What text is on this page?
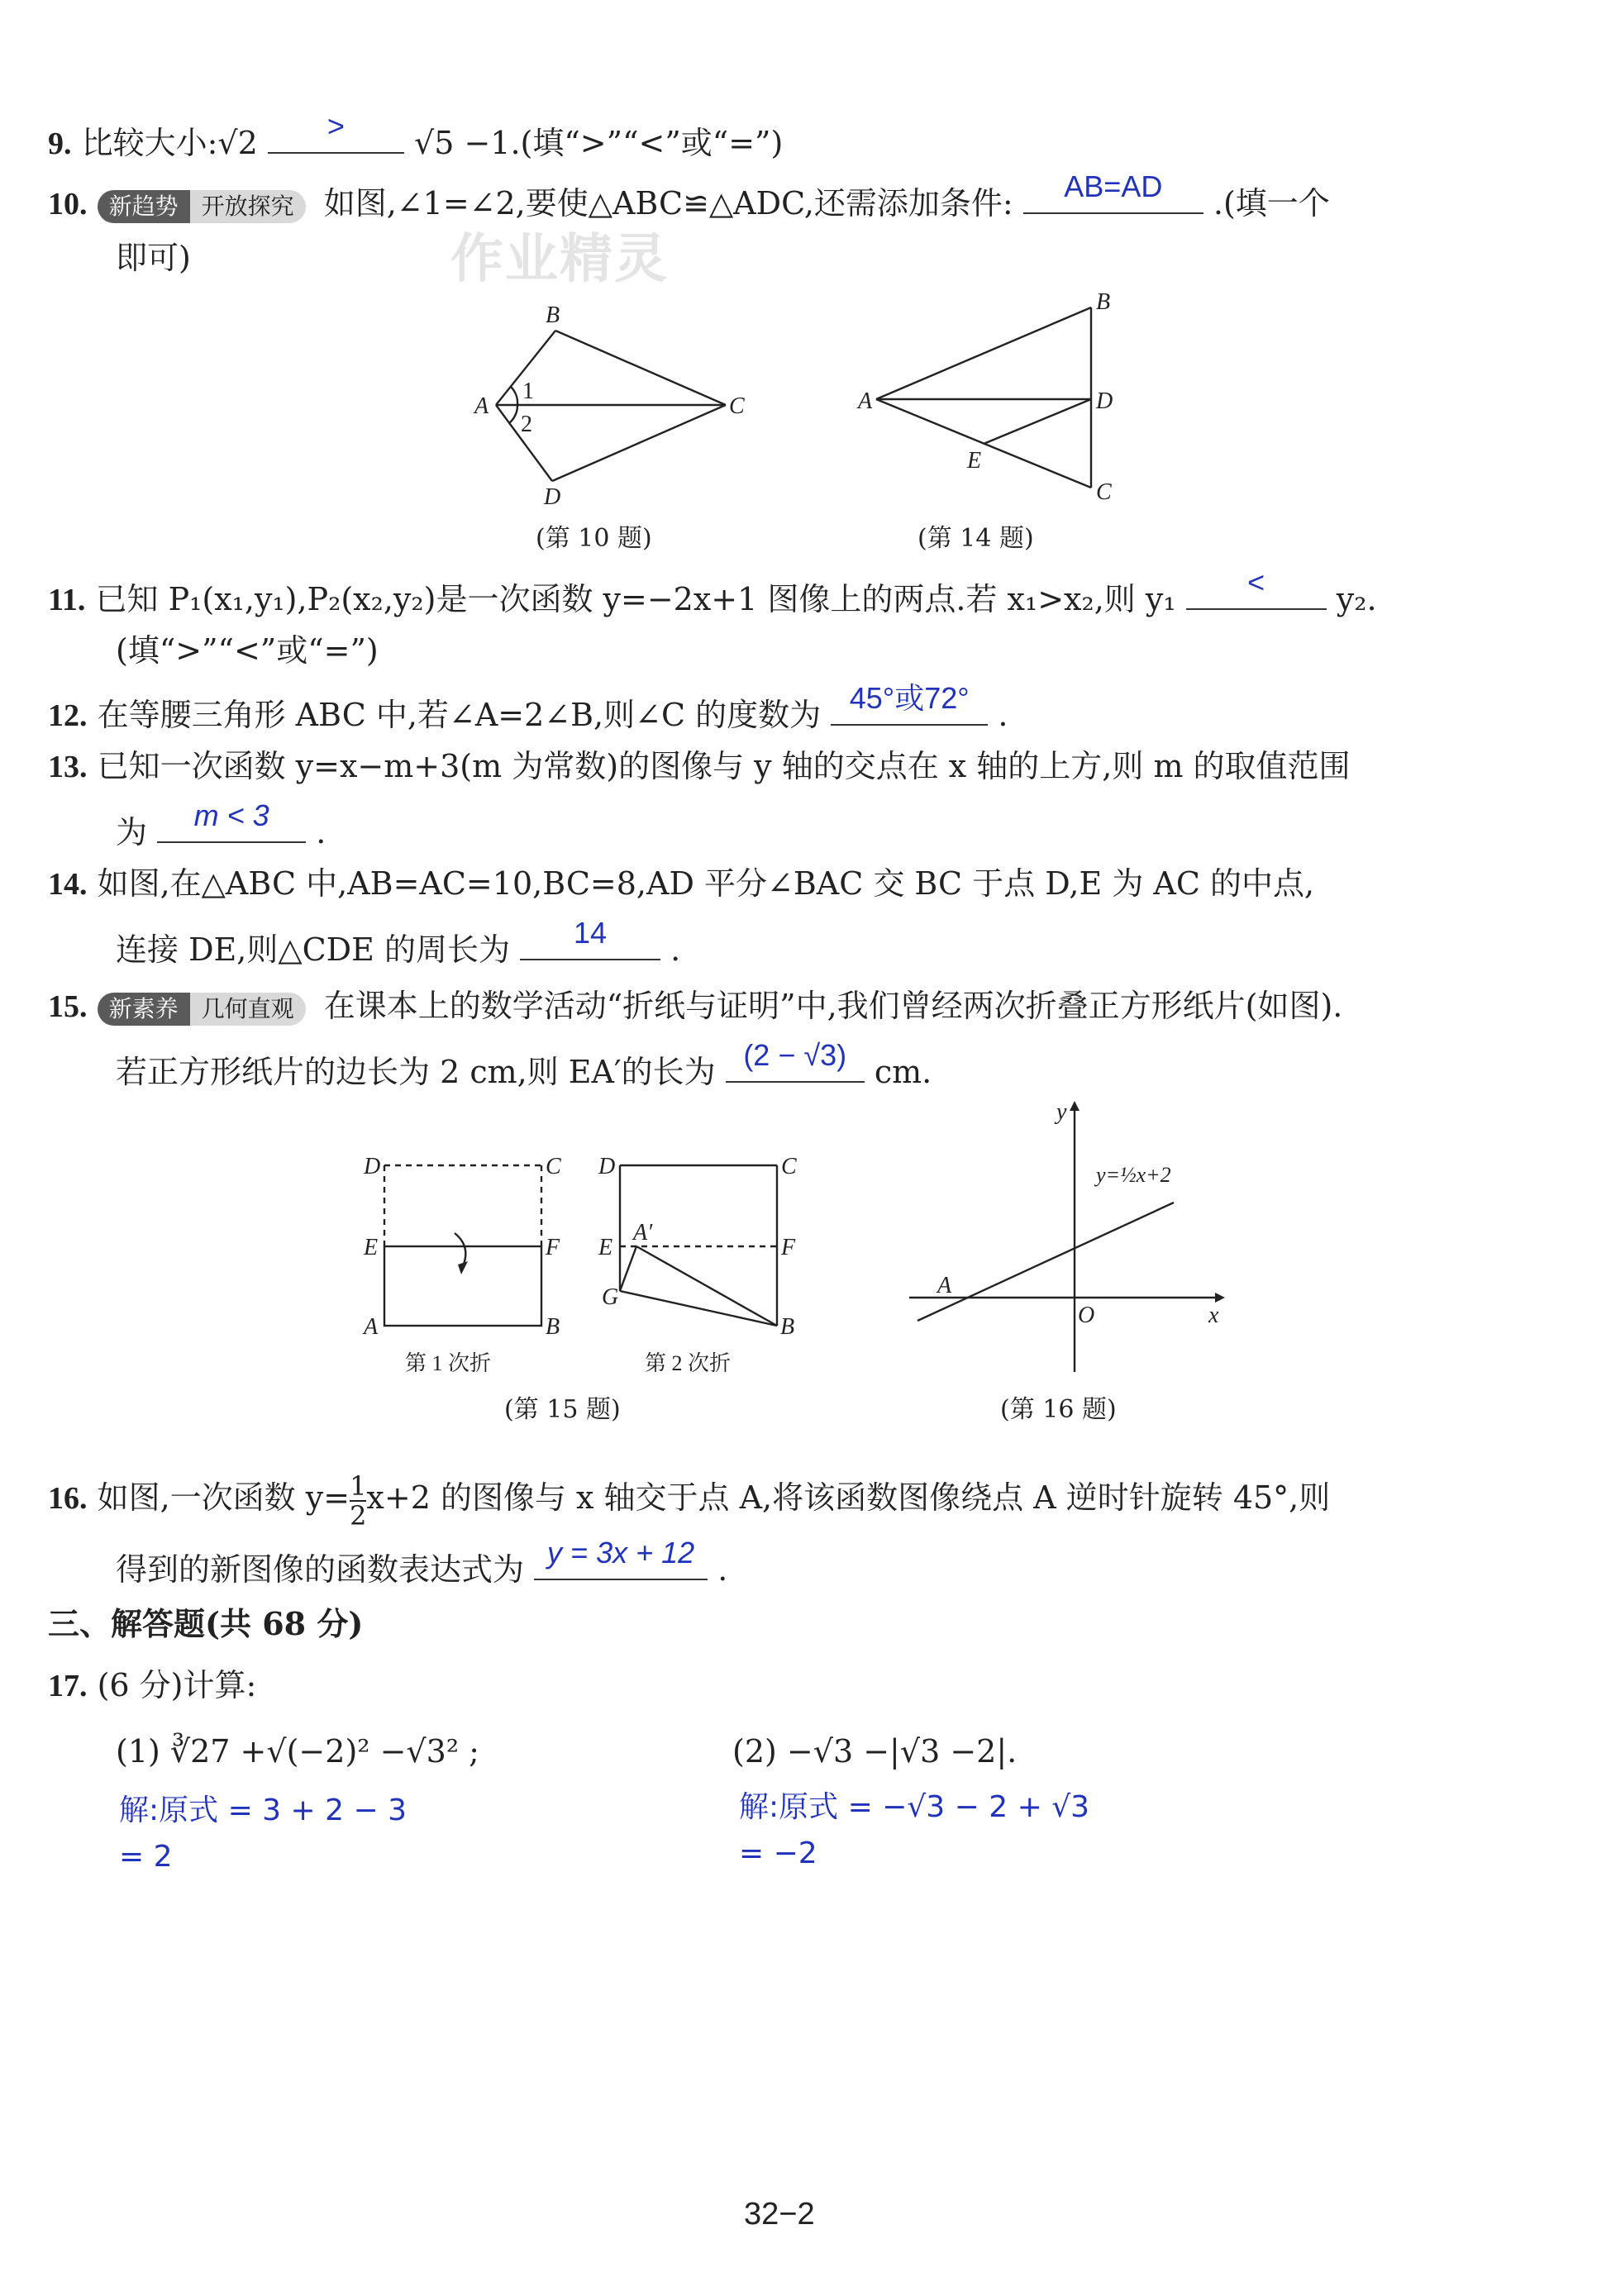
作业精灵
9. 比较大小:√2	>	√5 −1.(填“>”“<”或“=”)
10. 新趋势 开放探究 如图,∠1=∠2,要使△ABC≌△ADC,还需添加条件:	AB=AD	.(填一个
即可)
B
A
1
2
C
D
(第 10 题)
B
A	D
E
C
(第 14 题)
11. 已知 P₁(x₁,y₁),P₂(x₂,y₂)是一次函数 y=−2x+1 图像上的两点.若 x₁>x₂,则 y₁	<	y₂.
(填“>”“<”或“=”)
12. 在等腰三角形 ABC 中,若∠A=2∠B,则∠C 的度数为 45°或72° .
13. 已知一次函数 y=x−m+3(m 为常数)的图像与 y 轴的交点在 x 轴的上方,则 m 的取值范围
为	m < 3	.
14. 如图,在△ABC 中,AB=AC=10,BC=8,AD 平分∠BAC 交 BC 于点 D,E 为 AC 的中点,
连接 DE,则△CDE 的周长为	14	.
15. 新素养 几何直观 在课本上的数学活动“折纸与证明”中,我们曾经两次折叠正方形纸片(如图).
若正方形纸片的边长为 2 cm,则 EA′的长为 (2 − √3) cm.
D	C
E	F
A	B
第 1 次折
D	C
E
A′
F
G
B
第 2 次折
(第 15 题)
y
A
O	x
y=½x+2
(第 16 题)
16. 如图,一次函数 $y= \frac{1}{2} x+2$ 的图像与 x 轴交于点 A,将该函数图像绕点 A 逆时针旋转 45°,则
得到的新图像的函数表达式为 y = 3x + 12 .
三、解答题(共 68 分)
17. (6 分)计算:
(1) ∛27 +√(−2)² −√3² ;	(2) −√3 −|√3 −2|.
解:原式 = 3 + 2 − 3
= 2
解:原式 = −√3 − 2 + √3
= −2
32−2
